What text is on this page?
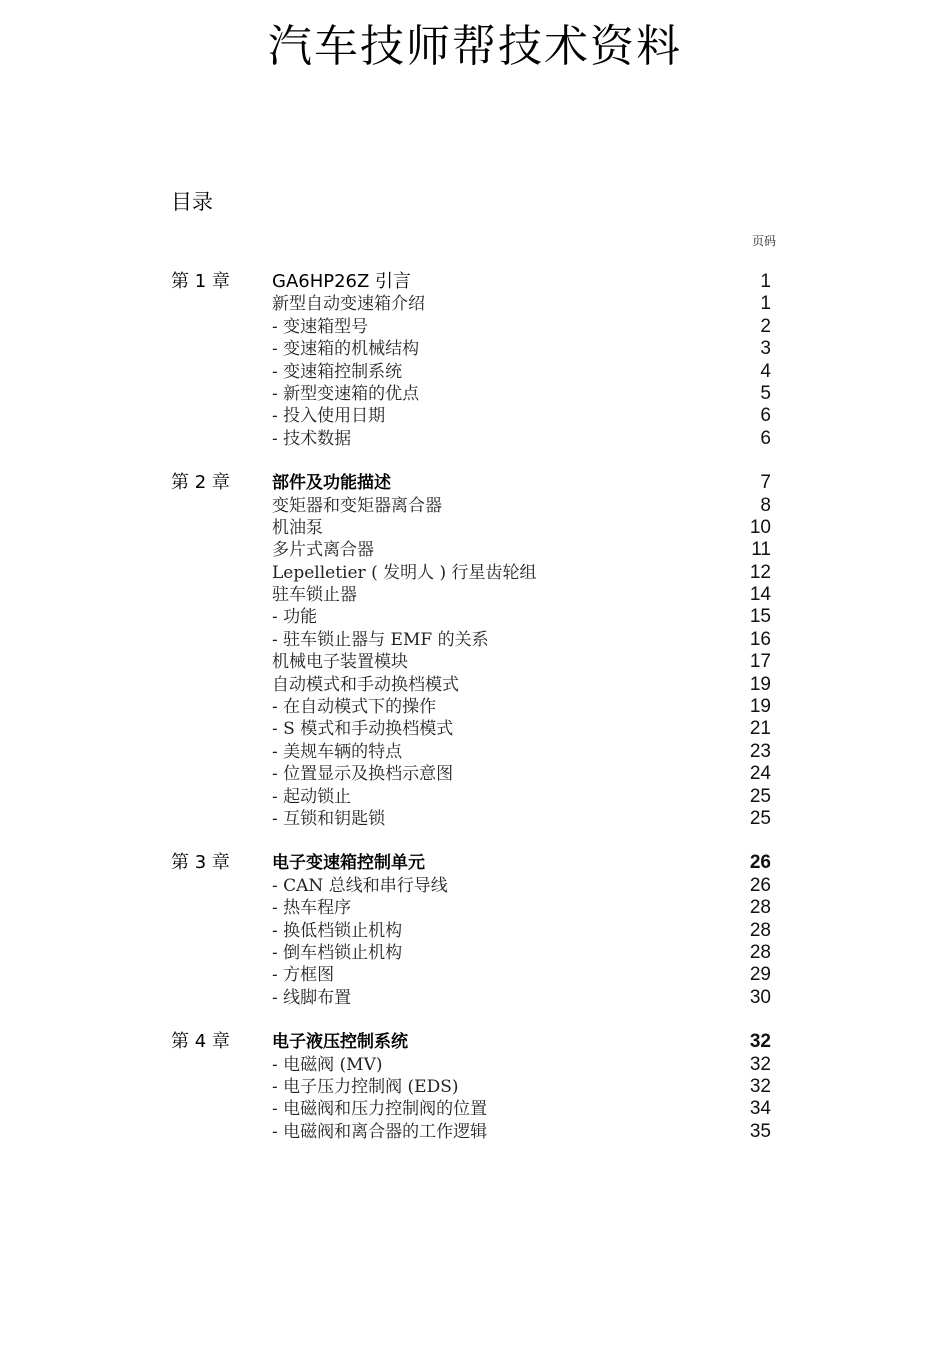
汽车技师帮技术资料
目录
页码
第 1 章 GA6HP26Z 引言	1
新型自动变速箱介绍	1
- 变速箱型号	2
- 变速箱的机械结构	3
- 变速箱控制系统	4
- 新型变速箱的优点	5
- 投入使用日期	6
- 技术数据	6
第 2 章 部件及功能描述	7
变矩器和变矩器离合器	8
机油泵	10
多片式离合器	11
Lepelletier ( 发明人 ) 行星齿轮组	12
驻车锁止器	14
- 功能	15
- 驻车锁止器与 EMF 的关系	16
机械电子装置模块	17
自动模式和手动换档模式	19
- 在自动模式下的操作	19
- S 模式和手动换档模式	21
- 美规车辆的特点	23
- 位置显示及换档示意图	24
- 起动锁止	25
- 互锁和钥匙锁	25
第 3 章 电子变速箱控制单元	26
- CAN 总线和串行导线	26
- 热车程序	28
- 换低档锁止机构	28
- 倒车档锁止机构	28
- 方框图	29
- 线脚布置	30
第 4 章 电子液压控制系统	32
- 电磁阀 (MV)	32
- 电子压力控制阀 (EDS)	32
- 电磁阀和压力控制阀的位置	34
- 电磁阀和离合器的工作逻辑	35
